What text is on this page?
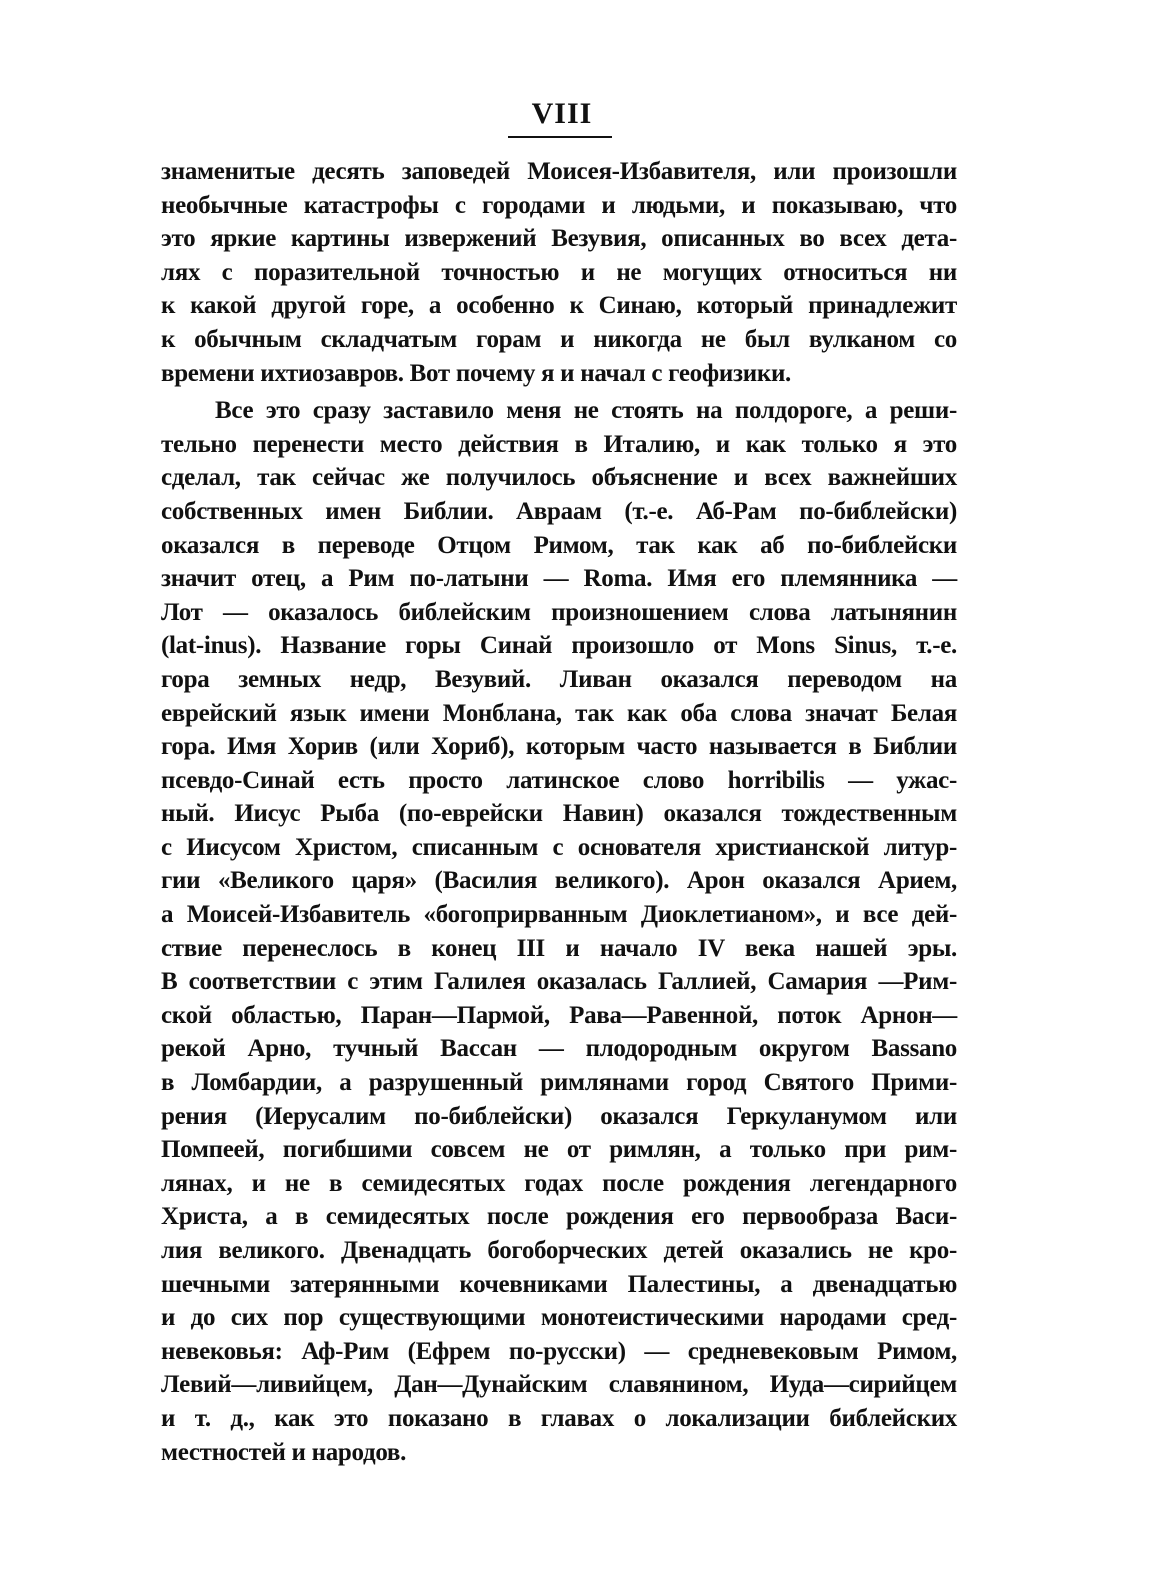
VIII
знаменитые десять заповедей Моисея-Избавителя, или произошли
необычные катастрофы с городами и людьми, и показываю, что
это яркие картины извержений Везувия, описанных во всех дета-
лях с поразительной точностью и не могущих относиться ни
к какой другой горе, а особенно к Синаю, который принадлежит
к обычным складчатым горам и никогда не был вулканом со
времени ихтиозавров. Вот почему я и начал с геофизики.
Все это сразу заставило меня не стоять на полдороге, а реши-
тельно перенести место действия в Италию, и как только я это
сделал, так сейчас же получилось объяснение и всех важнейших
собственных имен Библии. Авраам (т.-е. Аб-Рам по-библейски)
оказался в переводе Отцом Римом, так как аб по-библейски
значит отец, а Рим по-латыни — Roma. Имя его племянника —
Лот — оказалось библейским произношением слова латынянин
(lat-inus). Название горы Синай произошло от Mons Sinus, т.-е.
гора земных недр, Везувий. Ливан оказался переводом на
еврейский язык имени Монблана, так как оба слова значат Белая
гора. Имя Хорив (или Хориб), которым часто называется в Библии
псевдо-Синай есть просто латинское слово horribilis — ужас-
ный. Иисус Рыба (по-еврейски Навин) оказался тождественным
с Иисусом Христом, списанным с основателя христианской литур-
гии «Великого царя» (Василия великого). Арон оказался Арием,
а Моисей-Избавитель «богоприрванным Диоклетианом», и все дей-
ствие перенеслось в конец III и начало IV века нашей эры.
В соответствии с этим Галилея оказалась Галлией, Самария —Рим-
ской областью, Паран—Пармой, Рава—Равенной, поток Арнон—
рекой Арно, тучный Вассан — плодородным округом Bassano
в Ломбардии, а разрушенный римлянами город Святого Прими-
рения (Иерусалим по-библейски) оказался Геркуланумом или
Помпеей, погибшими совсем не от римлян, а только при рим-
лянах, и не в семидесятых годах после рождения легендарного
Христа, а в семидесятых после рождения его первообраза Васи-
лия великого. Двенадцать богоборческих детей оказались не кро-
шечными затерянными кочевниками Палестины, а двенадцатью
и до сих пор существующими монотеистическими народами сред-
невековья: Аф-Рим (Ефрем по-русски) — средневековым Римом,
Левий—ливийцем, Дан—Дунайским славянином, Иуда—сирийцем
и т. д., как это показано в главах о локализации библейских
местностей и народов.
